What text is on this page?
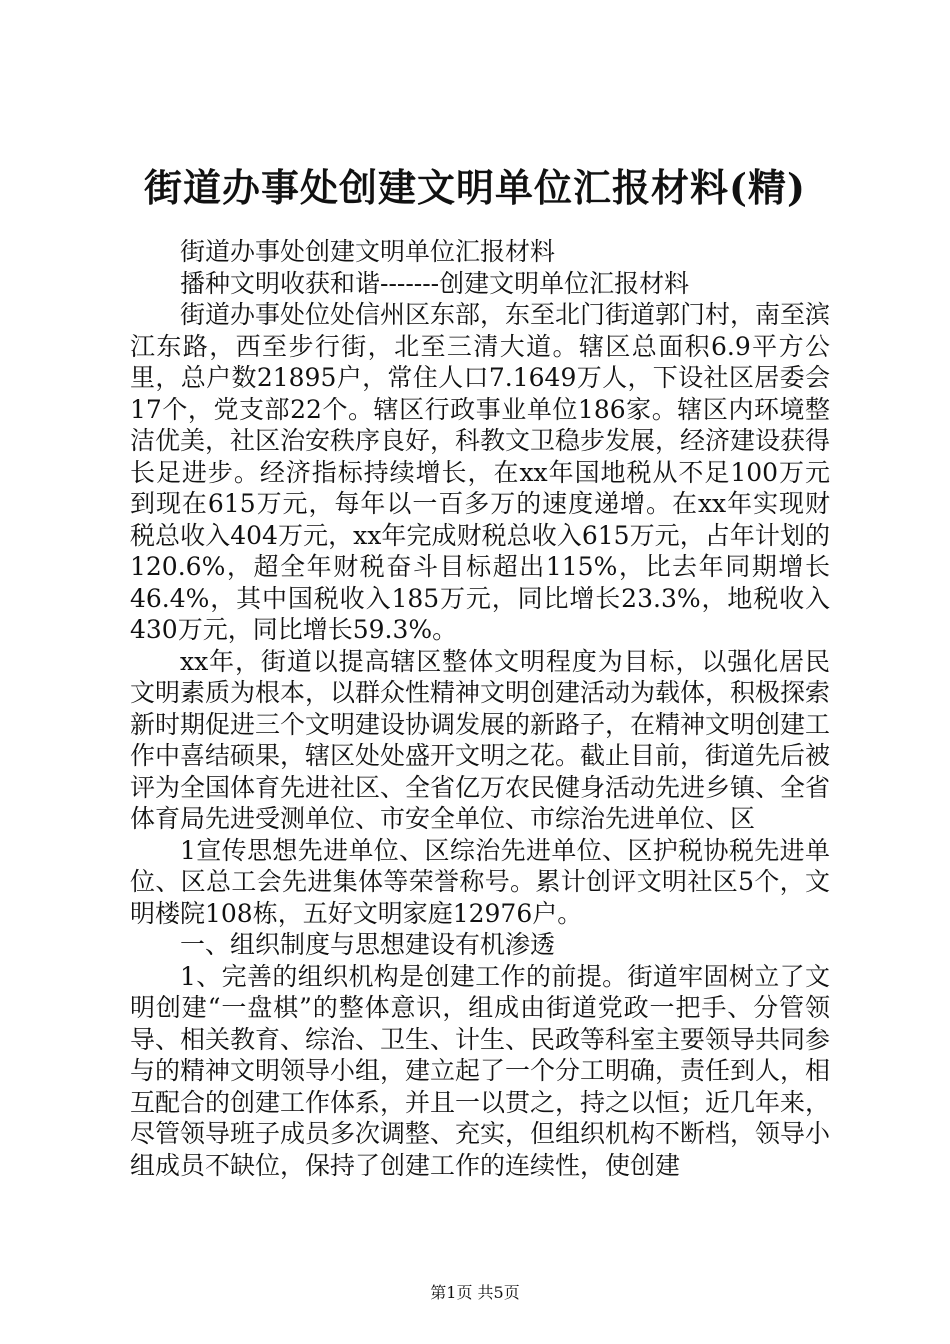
街道办事处创建文明单位汇报材料(精)

街道办事处创建文明单位汇报材料

播种文明收获和谐-------创建文明单位汇报材料

街道办事处位处信州区东部，东至北门街道郭门村，南至滨江东路，西至步行街，北至三清大道。辖区总面积6.9平方公里，总户数21895户，常住人口7.1649万人，下设社区居委会17个，党支部22个。辖区行政事业单位186家。辖区内环境整洁优美，社区治安秩序良好，科教文卫稳步发展，经济建设获得长足进步。经济指标持续增长，在xx年国地税从不足100万元到现在615万元，每年以一百多万的速度递增。在xx年实现财税总收入404万元，xx年完成财税总收入615万元，占年计划的120.6%，超全年财税奋斗目标超出115%，比去年同期增长46.4%，其中国税收入185万元，同比增长23.3%，地税收入430万元，同比增长59.3%。

xx年，街道以提高辖区整体文明程度为目标，以强化居民文明素质为根本，以群众性精神文明创建活动为载体，积极探索新时期促进三个文明建设协调发展的新路子，在精神文明创建工作中喜结硕果，辖区处处盛开文明之花。截止目前，街道先后被评为全国体育先进社区、全省亿万农民健身活动先进乡镇、全省体育局先进受测单位、市安全单位、市综治先进单位、区

1宣传思想先进单位、区综治先进单位、区护税协税先进单位、区总工会先进集体等荣誉称号。累计创评文明社区5个，文明楼院108栋，五好文明家庭12976户。

一、组织制度与思想建设有机渗透

1、完善的组织机构是创建工作的前提。街道牢固树立了文明创建“一盘棋”的整体意识，组成由街道党政一把手、分管领导、相关教育、综治、卫生、计生、民政等科室主要领导共同参与的精神文明领导小组，建立起了一个分工明确，责任到人，相互配合的创建工作体系，并且一以贯之，持之以恒；近几年来，尽管领导班子成员多次调整、充实，但组织机构不断档，领导小组成员不缺位，保持了创建工作的连续性，使创建

第1页 共5页
